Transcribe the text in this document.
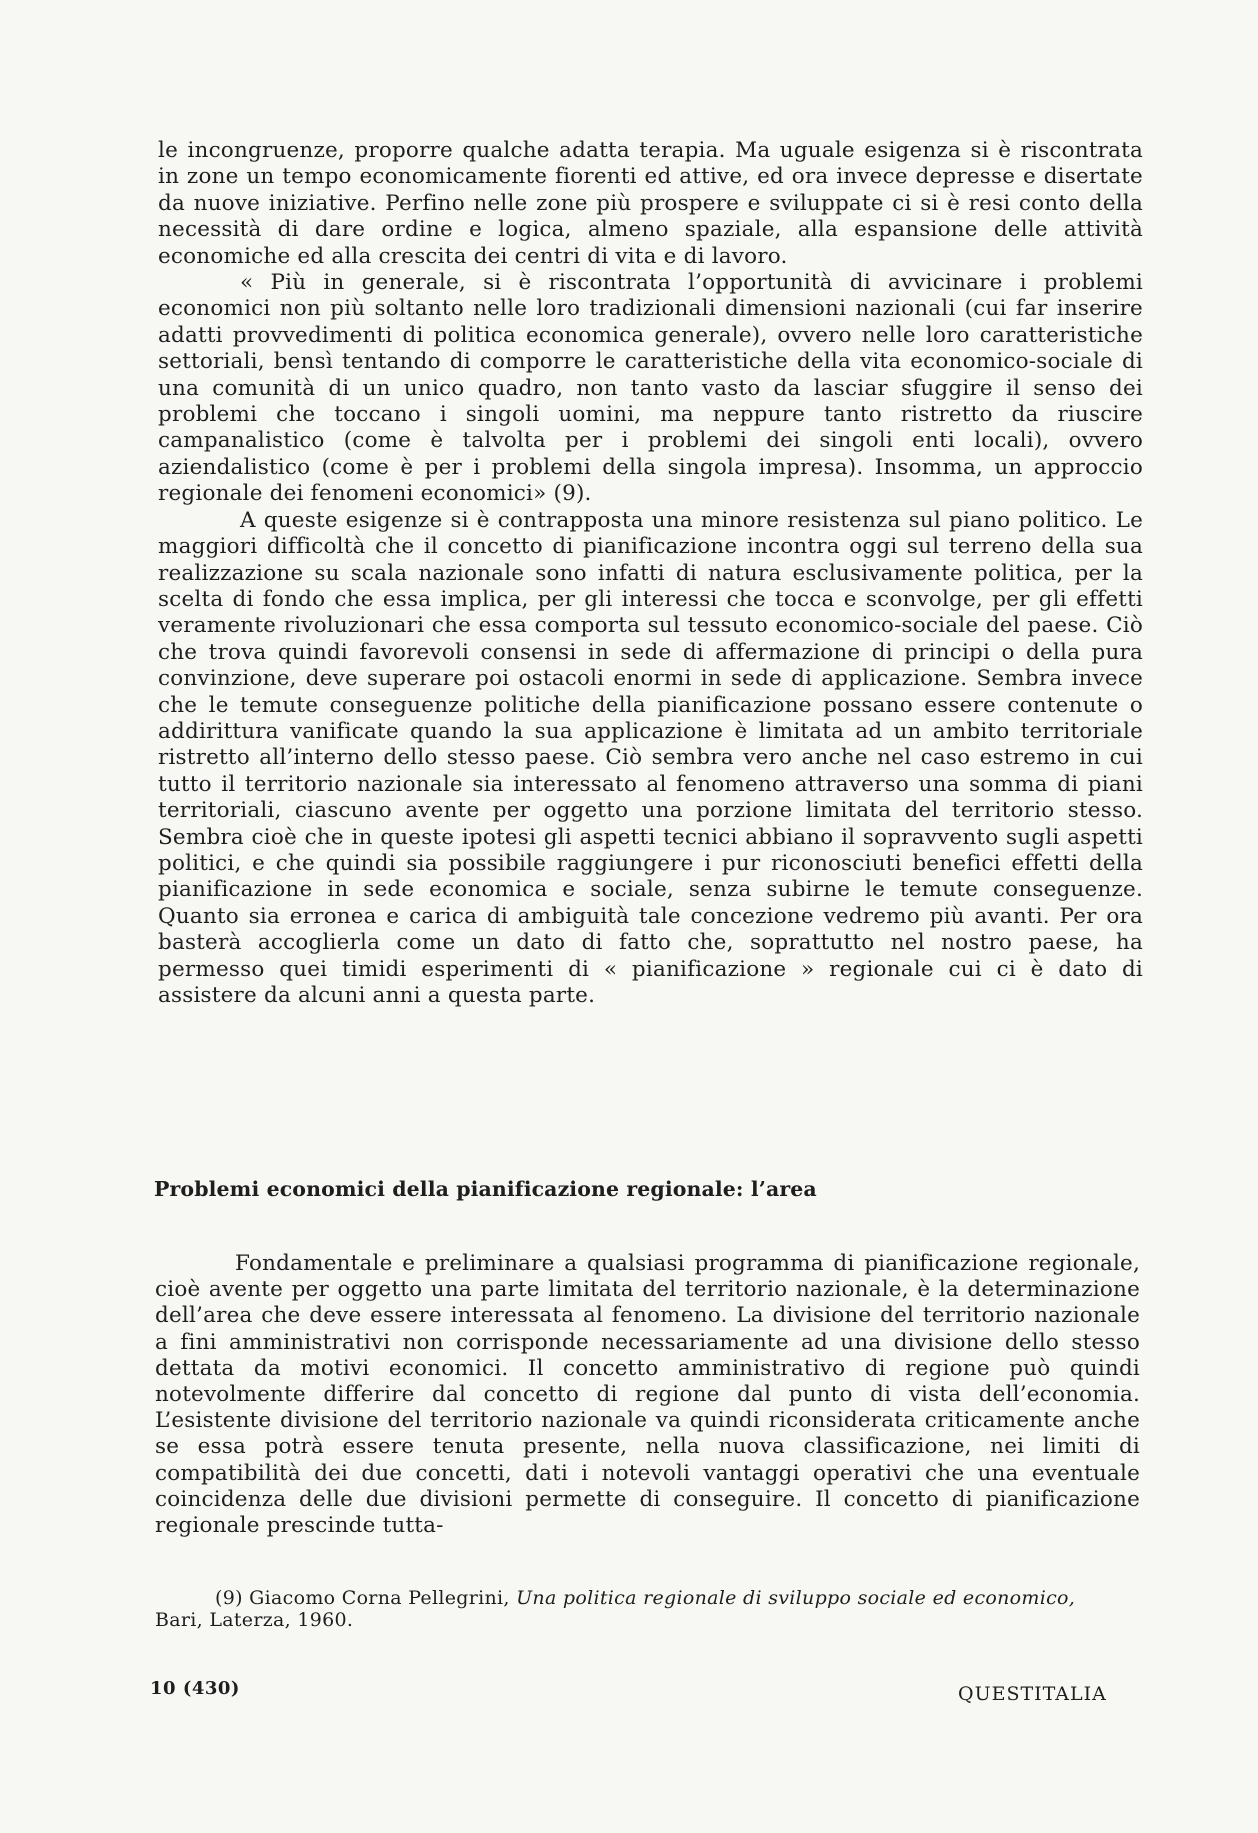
le incongruenze, proporre qualche adatta terapia. Ma uguale esigenza si è riscontrata in zone un tempo economicamente fiorenti ed attive, ed ora invece depresse e disertate da nuove iniziative. Perfino nelle zone più prospere e sviluppate ci si è resi conto della necessità di dare ordine e logica, almeno spaziale, alla espansione delle attività economiche ed alla crescita dei centri di vita e di lavoro.

« Più in generale, si è riscontrata l’opportunità di avvicinare i problemi economici non più soltanto nelle loro tradizionali dimensioni nazionali (cui far inserire adatti provvedimenti di politica economica generale), ovvero nelle loro caratteristiche settoriali, bensì tentando di comporre le caratteristiche della vita economico-sociale di una comunità di un unico quadro, non tanto vasto da lasciar sfuggire il senso dei problemi che toccano i singoli uomini, ma neppure tanto ristretto da riuscire campanalistico (come è talvolta per i problemi dei singoli enti locali), ovvero aziendalistico (come è per i problemi della singola impresa). Insomma, un approccio regionale dei fenomeni economici» (9).

A queste esigenze si è contrapposta una minore resistenza sul piano politico. Le maggiori difficoltà che il concetto di pianificazione incontra oggi sul terreno della sua realizzazione su scala nazionale sono infatti di natura esclusivamente politica, per la scelta di fondo che essa implica, per gli interessi che tocca e sconvolge, per gli effetti veramente rivoluzionari che essa comporta sul tessuto economico-sociale del paese. Ciò che trova quindi favorevoli consensi in sede di affermazione di principi o della pura convinzione, deve superare poi ostacoli enormi in sede di applicazione. Sembra invece che le temute conseguenze politiche della pianificazione possano essere contenute o addirittura vanificate quando la sua applicazione è limitata ad un ambito territoriale ristretto all’interno dello stesso paese. Ciò sembra vero anche nel caso estremo in cui tutto il territorio nazionale sia interessato al fenomeno attraverso una somma di piani territoriali, ciascuno avente per oggetto una porzione limitata del territorio stesso. Sembra cioè che in queste ipotesi gli aspetti tecnici abbiano il sopravvento sugli aspetti politici, e che quindi sia possibile raggiungere i pur riconosciuti benefici effetti della pianificazione in sede economica e sociale, senza subirne le temute conseguenze. Quanto sia erronea e carica di ambiguità tale concezione vedremo più avanti. Per ora basterà accoglierla come un dato di fatto che, soprattutto nel nostro paese, ha permesso quei timidi esperimenti di « pianificazione » regionale cui ci è dato di assistere da alcuni anni a questa parte.

Problemi economici della pianificazione regionale: l’area

Fondamentale e preliminare a qualsiasi programma di pianificazione regionale, cioè avente per oggetto una parte limitata del territorio nazionale, è la determinazione dell’area che deve essere interessata al fenomeno. La divisione del territorio nazionale a fini amministrativi non corrisponde necessariamente ad una divisione dello stesso dettata da motivi economici. Il concetto amministrativo di regione può quindi notevolmente differire dal concetto di regione dal punto di vista dell’economia. L’esistente divisione del territorio nazionale va quindi riconsiderata criticamente anche se essa potrà essere tenuta presente, nella nuova classificazione, nei limiti di compatibilità dei due concetti, dati i notevoli vantaggi operativi che una eventuale coincidenza delle due divisioni permette di conseguire. Il concetto di pianificazione regionale prescinde tutta-

(9) Giacomo Corna Pellegrini, Una politica regionale di sviluppo sociale ed economico, Bari, Laterza, 1960.

10 (430)	QUESTITALIA
